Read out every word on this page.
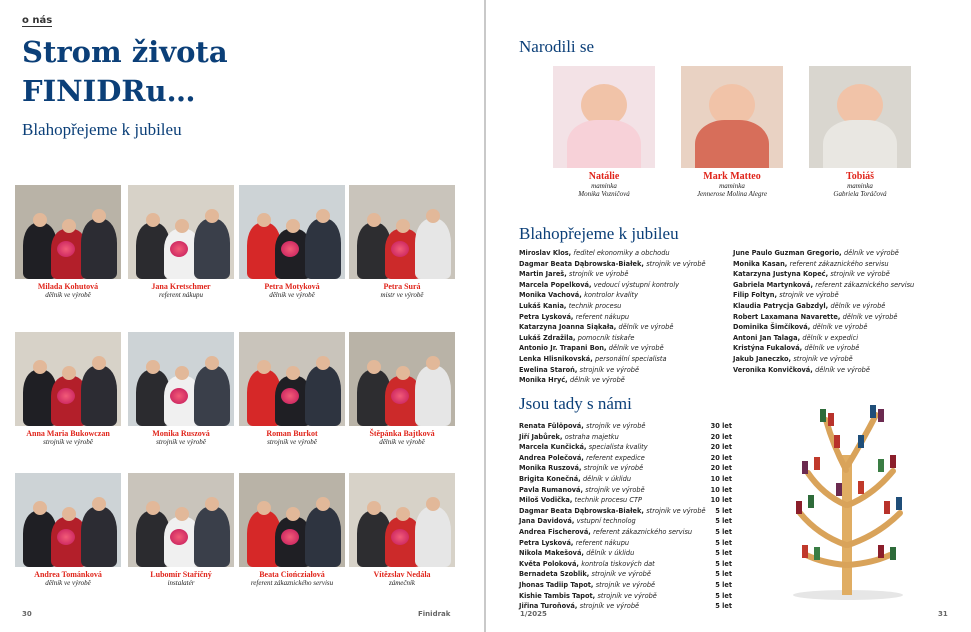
o nás
Strom života FINIDRu…
Blahopřejeme k jubileu
Milada Kohutová
dělník ve výrobě
Jana Kretschmer
referent nákupu
Petra Motyková
dělník ve výrobě
Petra Surá
mistr ve výrobě
Anna Maria Bukowczan
strojník ve výrobě
Monika Ruszová
strojník ve výrobě
Roman Burkot
strojník ve výrobě
Štěpánka Bajtková
dělník ve výrobě
Andrea Tománková
dělník ve výrobě
Lubomír Staříčný
instalatér
Beata Ciończiałová
referent zákaznického servisu
Vítězslav Nedála
zámečník
30	Finidrak
Narodili se
Natálie
maminka
Monika Vozničová
Mark Matteo
maminka
Jennerose Molina Alegre
Tobiáš
maminka
Gabriela Toráčová
Blahopřejeme k jubileu
Miroslav Klos, ředitel ekonomiky a obchodu
Dagmar Beata Dąbrowska-Białek, strojník ve výrobě
Martin Jareš, strojník ve výrobě
Marcela Popelková, vedoucí výstupní kontroly
Monika Vachová, kontrolor kvality
Lukáš Kania, technik procesu
Petra Lysková, referent nákupu
Katarzyna Joanna Siąkała, dělník ve výrobě
Lukáš Zdražila, pomocník tiskaře
Antonio Jr. Trapani Bon, dělník ve výrobě
Lenka Hlisnikovská, personální specialista
Ewelina Staroń, strojník ve výrobě
Monika Hryć, dělník ve výrobě
June Paulo Guzman Gregorio, dělník ve výrobě
Monika Kasan, referent zákaznického servisu
Katarzyna Justyna Kopeć, strojník ve výrobě
Gabriela Martynková, referent zákaznického servisu
Filip Foltyn, strojník ve výrobě
Klaudia Patrycja Gabzdyl, dělník ve výrobě
Robert Laxamana Navarette, dělník ve výrobě
Dominika Šimčíková, dělník ve výrobě
Antoni Jan Talaga, dělník v expedici
Kristýna Fukalová, dělník ve výrobě
Jakub Janeczko, strojník ve výrobě
Veronika Konvičková, dělník ve výrobě
Jsou tady s námi
Renata Fülöpová, strojník ve výrobě	30 let
Jiří Jabůrek, ostraha majetku	20 let
Marcela Kunčická, specialista kvality	20 let
Andrea Polečová, referent expedice	20 let
Monika Ruszová, strojník ve výrobě	20 let
Brigita Konečná, dělník v úklidu	10 let
Pavla Rumanová, strojník ve výrobě	10 let
Miloš Vodička, technik procesu CTP	10 let
Dagmar Beata Dąbrowska-Białek, strojník ve výrobě 5 let
Jana Davidová, vstupní technolog	5 let
Andrea Fischerová, referent zákaznického servisu	5 let
Petra Lysková, referent nákupu	5 let
Nikola Makešová, dělník v úklidu	5 let
Květa Poloková, kontrola tiskových dat	5 let
Bernadeta Szoblik, strojník ve výrobě	5 let
Jhonas Tadiip Tapot, strojník ve výrobě	5 let
Kishie Tambis Tapot, strojník ve výrobě	5 let
Jiřina Turoňová, strojník ve výrobě	5 let
1/2025	31
